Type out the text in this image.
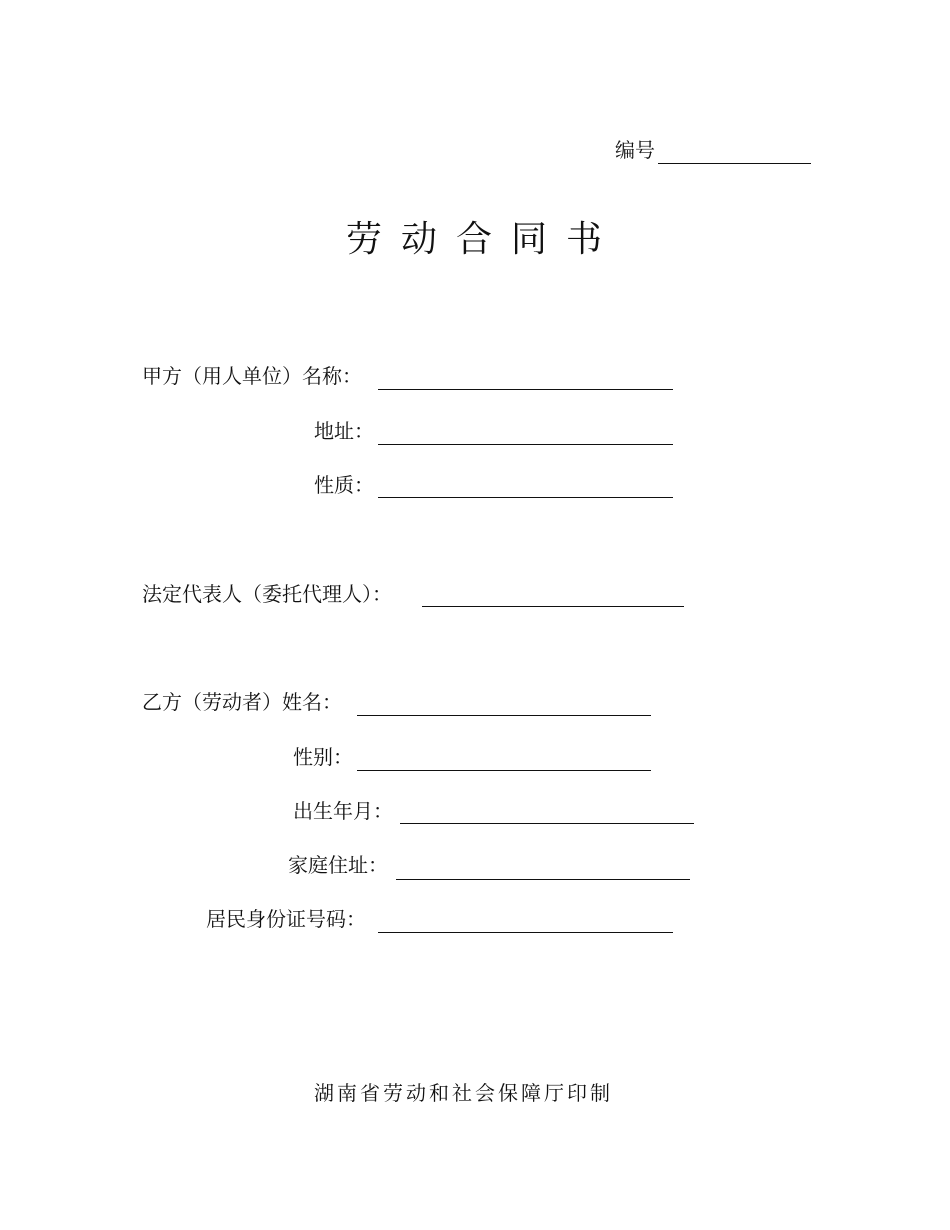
编号
劳动合同书
甲方（用人单位）名称：
地址：
性质：
法定代表人（委托代理人）：
乙方（劳动者）姓名：
性别：
出生年月：
家庭住址：
居民身份证号码：
湖南省劳动和社会保障厅印制
